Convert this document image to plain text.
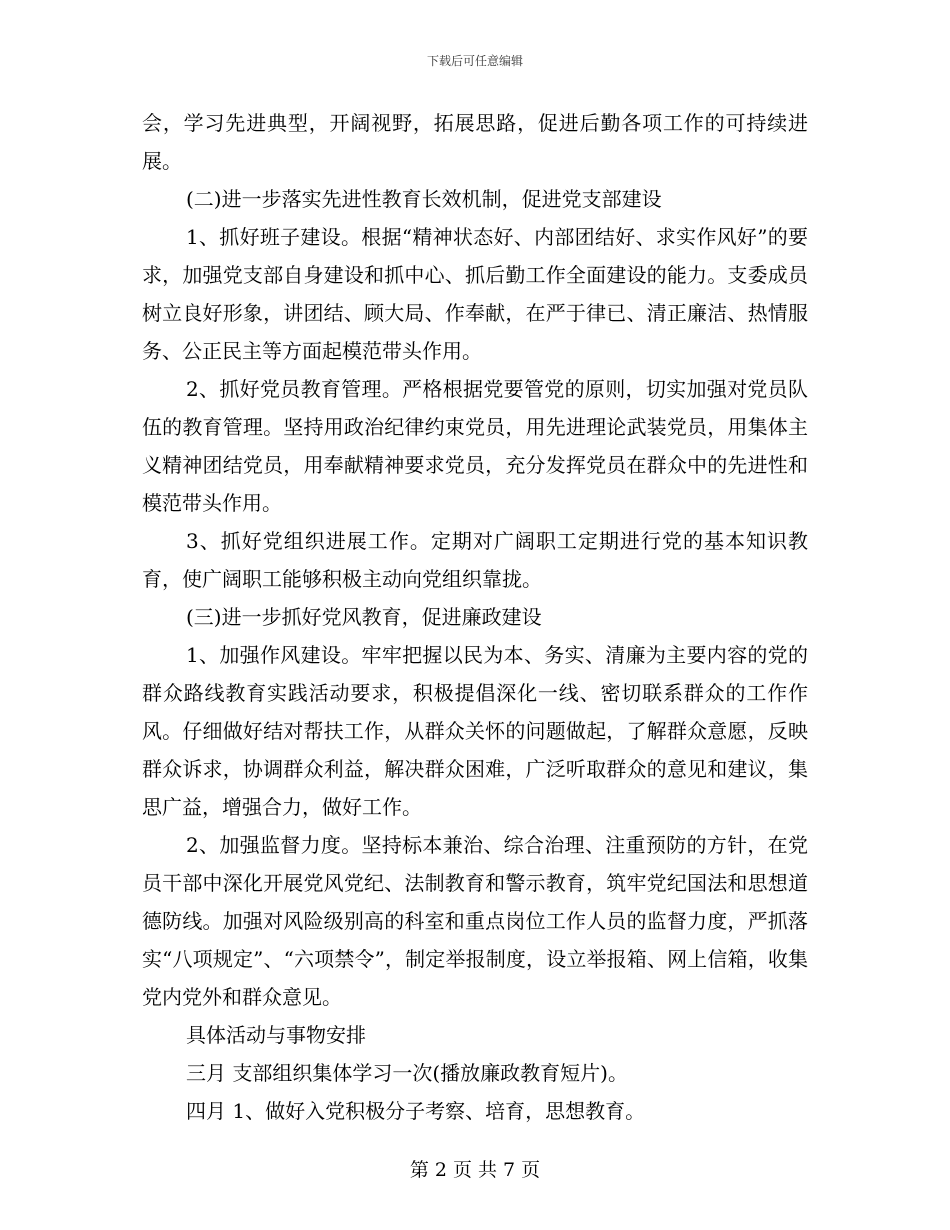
下载后可任意编辑

会，学习先进典型，开阔视野，拓展思路，促进后勤各项工作的可持续进展。

(二)进一步落实先进性教育长效机制，促进党支部建设

1、抓好班子建设。根据“精神状态好、内部团结好、求实作风好”的要求，加强党支部自身建设和抓中心、抓后勤工作全面建设的能力。支委成员树立良好形象，讲团结、顾大局、作奉献，在严于律已、清正廉洁、热情服务、公正民主等方面起模范带头作用。

2、抓好党员教育管理。严格根据党要管党的原则，切实加强对党员队伍的教育管理。坚持用政治纪律约束党员，用先进理论武装党员，用集体主义精神团结党员，用奉献精神要求党员，充分发挥党员在群众中的先进性和模范带头作用。

3、抓好党组织进展工作。定期对广阔职工定期进行党的基本知识教育，使广阔职工能够积极主动向党组织靠拢。

(三)进一步抓好党风教育，促进廉政建设

1、加强作风建设。牢牢把握以民为本、务实、清廉为主要内容的党的群众路线教育实践活动要求，积极提倡深化一线、密切联系群众的工作作风。仔细做好结对帮扶工作，从群众关怀的问题做起，了解群众意愿，反映群众诉求，协调群众利益，解决群众困难，广泛听取群众的意见和建议，集思广益，增强合力，做好工作。

2、加强监督力度。坚持标本兼治、综合治理、注重预防的方针，在党员干部中深化开展党风党纪、法制教育和警示教育，筑牢党纪国法和思想道德防线。加强对风险级别高的科室和重点岗位工作人员的监督力度，严抓落实“八项规定”、“六项禁令”，制定举报制度，设立举报箱、网上信箱，收集党内党外和群众意见。

具体活动与事物安排

三月 支部组织集体学习一次(播放廉政教育短片)。

四月 1、做好入党积极分子考察、培育，思想教育。

第 2 页 共 7 页
